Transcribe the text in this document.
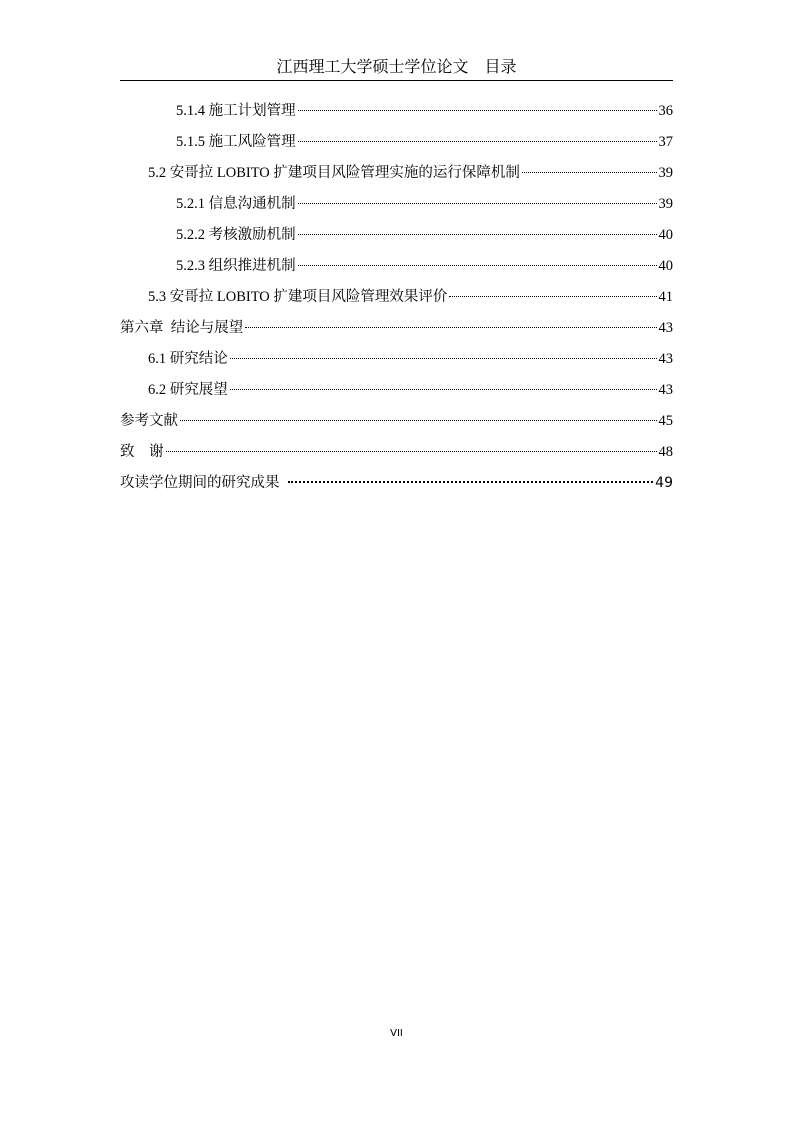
江西理工大学硕士学位论文    目录
5.1.4 施工计划管理	36
5.1.5 施工风险管理	37
5.2 安哥拉 LOBITO 扩建项目风险管理实施的运行保障机制	39
5.2.1 信息沟通机制	39
5.2.2 考核激励机制	40
5.2.3 组织推进机制	40
5.3 安哥拉 LOBITO 扩建项目风险管理效果评价	41
第六章  结论与展望	43
6.1 研究结论	43
6.2 研究展望	43
参考文献	45
致    谢	48
攻读学位期间的研究成果	49
VII
